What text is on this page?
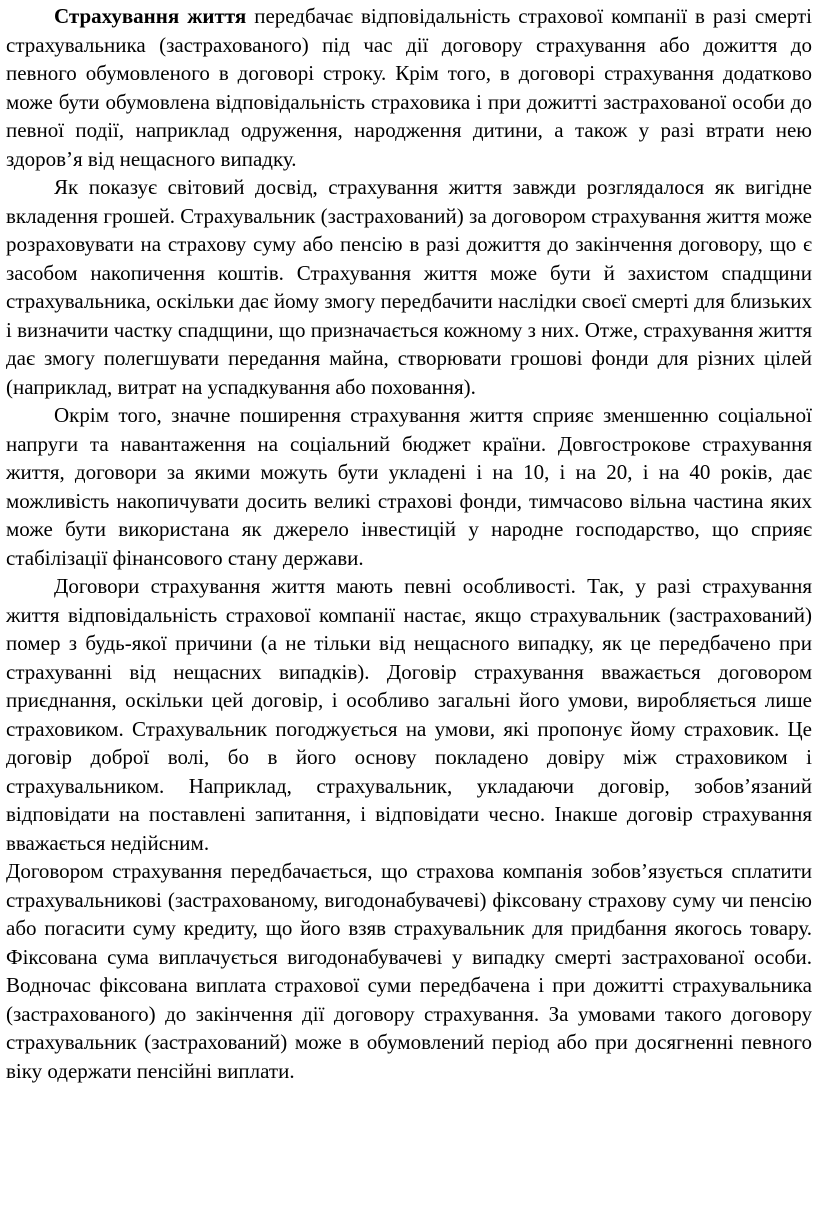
Страхування життя передбачає відповідальність страхової компанії в разі смерті страхувальника (застрахованого) під час дії договору страхування або дожиття до певного обумовленого в договорі строку. Крім того, в договорі страхування додатково може бути обумовлена відповідальність страховика і при дожитті застрахованої особи до певної події, наприклад одруження, народження дитини, а також у разі втрати нею здоров’я від нещасного випадку.

Як показує світовий досвід, страхування життя завжди розглядалося як вигідне вкладення грошей. Страхувальник (застрахований) за договором страхування життя може розраховувати на страхову суму або пенсію в разі дожиття до закінчення договору, що є засобом накопичення коштів. Страхування життя може бути й захистом спадщини страхувальника, оскільки дає йому змогу передбачити наслідки своєї смерті для близьких і визначити частку спадщини, що призначається кожному з них. Отже, страхування життя дає змогу полегшувати передання майна, створювати грошові фонди для різних цілей (наприклад, витрат на успадкування або поховання).

Окрім того, значне поширення страхування життя сприяє зменшенню соціальної напруги та навантаження на соціальний бюджет країни. Довгострокове страхування життя, договори за якими можуть бути укладені і на 10, і на 20, і на 40 років, дає можливість накопичувати досить великі страхові фонди, тимчасово вільна частина яких може бути використана як джерело інвестицій у народне господарство, що сприяє стабілізації фінансового стану держави.

Договори страхування життя мають певні особливості. Так, у разі страхування життя відповідальність страхової компанії настає, якщо страхувальник (застрахований) помер з будь-якої причини (а не тільки від нещасного випадку, як це передбачено при страхуванні від нещасних випадків). Договір страхування вважається договором приєднання, оскільки цей договір, і особливо загальні його умови, виробляється лише страховиком. Страхувальник погоджується на умови, які пропонує йому страховик. Це договір доброї волі, бо в його основу покладено довіру між страховиком і страхувальником. Наприклад, страхувальник, укладаючи договір, зобов’язаний відповідати на поставлені запитання, і відповідати чесно. Інакше договір страхування вважається недійсним.

Договором страхування передбачається, що страхова компанія зобов’язується сплатити страхувальникові (застрахованому, вигодонабувачеві) фіксовану страхову суму чи пенсію або погасити суму кредиту, що його взяв страхувальник для придбання якогось товару. Фіксована сума виплачується вигодонабувачеві у випадку смерті застрахованої особи. Водночас фіксована виплата страхової суми передбачена і при дожитті страхувальника (застрахованого) до закінчення дії договору страхування. За умовами такого договору страхувальник (застрахований) може в обумовлений період або при досягненні певного віку одержати пенсійні виплати.
